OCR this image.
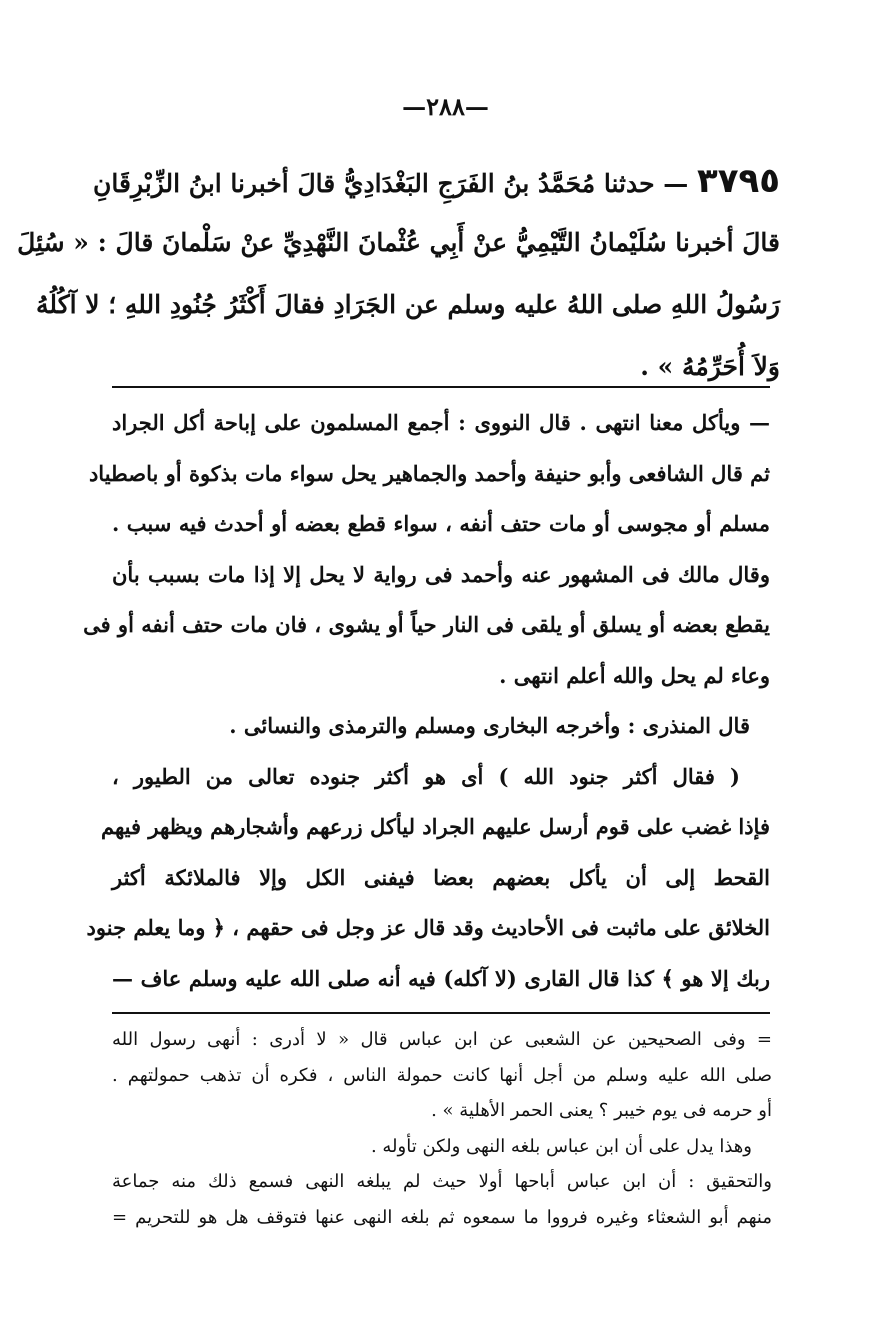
—٢٨٨—
٣٧٩٥ — حدثنا مُحَمَّدُ بنُ الفَرَجِ البَغْدَادِيُّ قالَ أخبرنا ابنُ الزِّبْرِقَانِ
قالَ أخبرنا سُلَيْمانُ التَّيْمِيُّ عنْ أَبِي عُثْمانَ النَّهْدِيِّ عنْ سَلْمانَ قالَ : « سُئِلَ
رَسُولُ اللهِ صلى اللهُ عليه وسلم عن الجَرَادِ فقالَ أَكْثَرُ جُنُودِ اللهِ ؛ لا آكُلُهُ
وَلاَ أُحَرِّمُهُ » .
— ويأكل معنا انتهى . قال النووى : أجمع المسلمون على إباحة أكل الجراد
ثم قال الشافعى وأبو حنيفة وأحمد والجماهير يحل سواء مات بذكوة أو باصطياد
مسلم أو مجوسى أو مات حتف أنفه ، سواء قطع بعضه أو أحدث فيه سبب .
وقال مالك فى المشهور عنه وأحمد فى رواية لا يحل إلا إذا مات بسبب بأن
يقطع بعضه أو يسلق أو يلقى فى النار حياً أو يشوى ، فان مات حتف أنفه أو فى
وعاء لم يحل والله أعلم انتهى .
قال المنذرى : وأخرجه البخارى ومسلم والترمذى والنسائى .
( فقال أكثر جنود الله ) أى هو أكثر جنوده تعالى من الطيور ،
فإذا غضب على قوم أرسل عليهم الجراد ليأكل زرعهم وأشجارهم ويظهر فيهم
القحط إلى أن يأكل بعضهم بعضا فيفنى الكل وإلا فالملائكة أكثر
الخلائق على ماثبت فى الأحاديث وقد قال عز وجل فى حقهم ، ﴿ وما يعلم جنود
ربك إلا هو ﴾ كذا قال القارى (لا آكله) فيه أنه صلى الله عليه وسلم عاف —
= وفى الصحيحين عن الشعبى عن ابن عباس قال « لا أدرى : أنهى رسول الله
صلى الله عليه وسلم من أجل أنها كانت حمولة الناس ، فكره أن تذهب حمولتهم .
أو حرمه فى يوم خيبر ؟ يعنى الحمر الأهلية » .
وهذا يدل على أن ابن عباس بلغه النهى ولكن تأوله .
والتحقيق : أن ابن عباس أباحها أولا حيث لم يبلغه النهى فسمع ذلك منه جماعة
منهم أبو الشعثاء وغيره فرووا ما سمعوه ثم بلغه النهى عنها فتوقف هل هو للتحريم =
